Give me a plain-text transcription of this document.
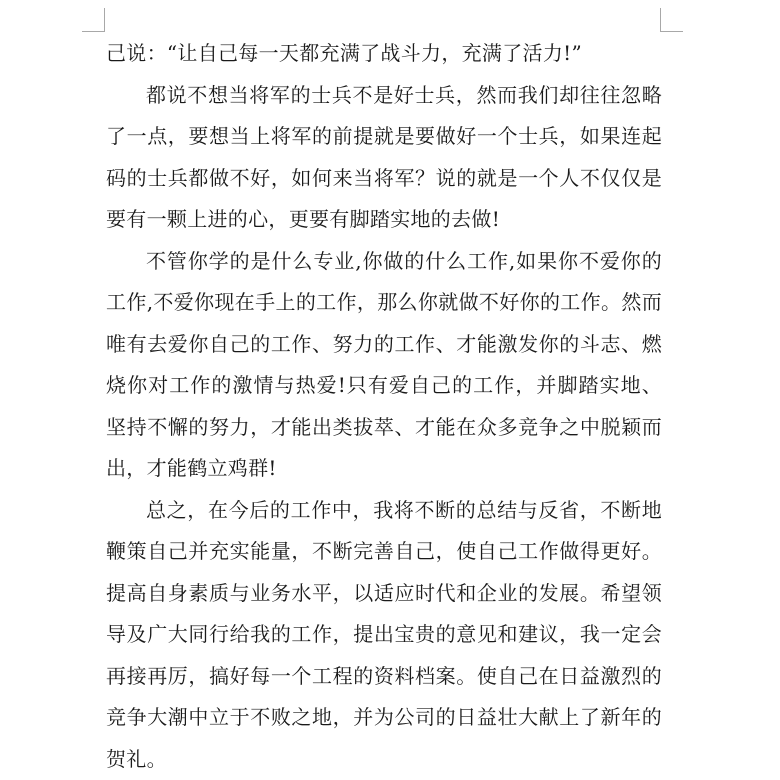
己说：“让自己每一天都充满了战斗力，充满了活力!”

都说不想当将军的士兵不是好士兵，然而我们却往往忽略了一点，要想当上将军的前提就是要做好一个士兵，如果连起码的士兵都做不好，如何来当将军？说的就是一个人不仅仅是要有一颗上进的心，更要有脚踏实地的去做!

不管你学的是什么专业,你做的什么工作,如果你不爱你的工作,不爱你现在手上的工作，那么你就做不好你的工作。然而唯有去爱你自己的工作、努力的工作、才能激发你的斗志、燃烧你对工作的激情与热爱!只有爱自己的工作，并脚踏实地、坚持不懈的努力，才能出类拔萃、才能在众多竞争之中脱颖而出，才能鹤立鸡群!

总之，在今后的工作中，我将不断的总结与反省，不断地鞭策自己并充实能量，不断完善自己，使自己工作做得更好。提高自身素质与业务水平，以适应时代和企业的发展。希望领导及广大同行给我的工作，提出宝贵的意见和建议，我一定会再接再厉，搞好每一个工程的资料档案。使自己在日益激烈的竞争大潮中立于不败之地，并为公司的日益壮大献上了新年的贺礼。
